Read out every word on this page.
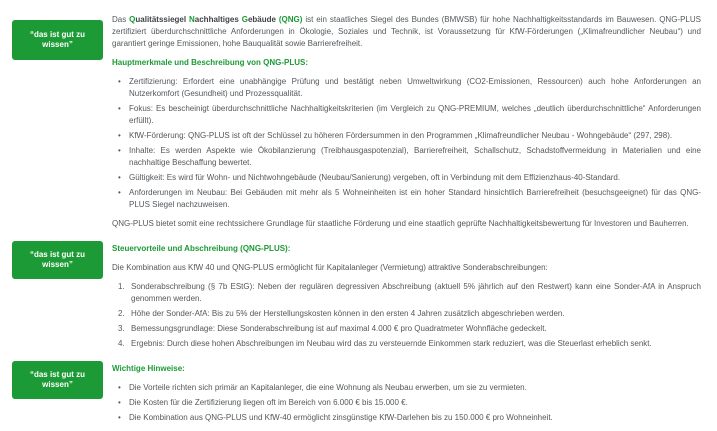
“das ist gut zu wissen”

Das Qualitätssiegel Nachhaltiges Gebäude (QNG) ist ein staatliches Siegel des Bundes (BMWSB) für hohe Nachhaltigkeitsstandards im Bauwesen. QNG-PLUS zertifiziert überdurchschnittliche Anforderungen in Ökologie, Soziales und Technik, ist Voraussetzung für KfW-Förderungen („Klimafreundlicher Neubau“) und garantiert geringe Emissionen, hohe Bauqualität sowie Barrierefreiheit.

Hauptmerkmale und Beschreibung von QNG-PLUS:
•	Zertifizierung: Erfordert eine unabhängige Prüfung und bestätigt neben Umweltwirkung (CO2-Emissionen, Ressourcen) auch hohe Anforderungen an Nutzerkomfort (Gesundheit) und Prozessqualität.
•	Fokus: Es bescheinigt überdurchschnittliche Nachhaltigkeitskriterien (im Vergleich zu QNG-PREMIUM, welches „deutlich überdurchschnittliche“ Anforderungen erfüllt).
•	KfW-Förderung: QNG-PLUS ist oft der Schlüssel zu höheren Fördersummen in den Programmen „Klimafreundlicher Neubau - Wohngebäude“ (297, 298).
•	Inhalte: Es werden Aspekte wie Ökobilanzierung (Treibhausgaspotenzial), Barrierefreiheit, Schallschutz, Schadstoffvermeidung in Materialien und eine nachhaltige Beschaffung bewertet.
•	Gültigkeit: Es wird für Wohn- und Nichtwohngebäude (Neubau/Sanierung) vergeben, oft in Verbindung mit dem Effizienzhaus-40-Standard.
•	Anforderungen im Neubau: Bei Gebäuden mit mehr als 5 Wohneinheiten ist ein hoher Standard hinsichtlich Barrierefreiheit (besuchsgeeignet) für das QNG-PLUS Siegel nachzuweisen.

QNG-PLUS bietet somit eine rechtssichere Grundlage für staatliche Förderung und eine staatlich geprüfte Nachhaltigkeitsbewertung für Investoren und Bauherren.

“das ist gut zu wissen”
Steuervorteile und Abschreibung (QNG-PLUS):

Die Kombination aus KfW 40 und QNG-PLUS ermöglicht für Kapitalanleger (Vermietung) attraktive Sonderabschreibungen:

1. Sonderabschreibung (§ 7b EStG): Neben der regulären degressiven Abschreibung (aktuell 5% jährlich auf den Restwert) kann eine Sonder-AfA in Anspruch genommen werden.
2. Höhe der Sonder-AfA: Bis zu 5% der Herstellungskosten können in den ersten 4 Jahren zusätzlich abgeschrieben werden.
3. Bemessungsgrundlage: Diese Sonderabschreibung ist auf maximal 4.000 € pro Quadratmeter Wohnfläche gedeckelt.
4. Ergebnis: Durch diese hohen Abschreibungen im Neubau wird das zu versteuernde Einkommen stark reduziert, was die Steuerlast erheblich senkt.
“das ist gut zu wissen”
Wichtige Hinweise:
•	Die Vorteile richten sich primär an Kapitalanleger, die eine Wohnung als Neubau erwerben, um sie zu vermieten.
•	Die Kosten für die Zertifizierung liegen oft im Bereich von 6.000 € bis 15.000 €.
•	Die Kombination aus QNG-PLUS und KfW-40 ermöglicht zinsgünstige KfW-Darlehen bis zu 150.000 € pro Wohneinheit.
